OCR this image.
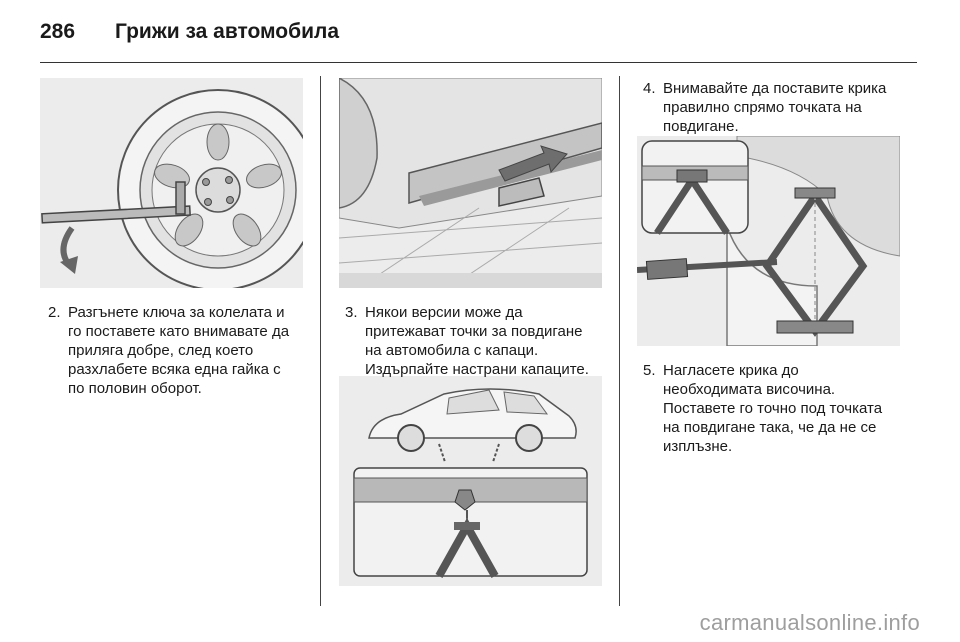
286 Грижи за автомобила
2. Разгънете ключа за колелата и
го поставете като внимавате да
приляга добре, след което
разхлабете всяка една гайка с
по половин оборот.
3. Някои версии може да
притежават точки за повдигане
на автомобила с капаци.
Издърпайте настрани капаците.
4. Внимавайте да поставите крика
правилно спрямо точката на
повдигане.
5. Нагласете крика до
необходимата височина.
Поставете го точно под точката
на повдигане така, че да не се
изплъзне.
carmanualsonline.info
